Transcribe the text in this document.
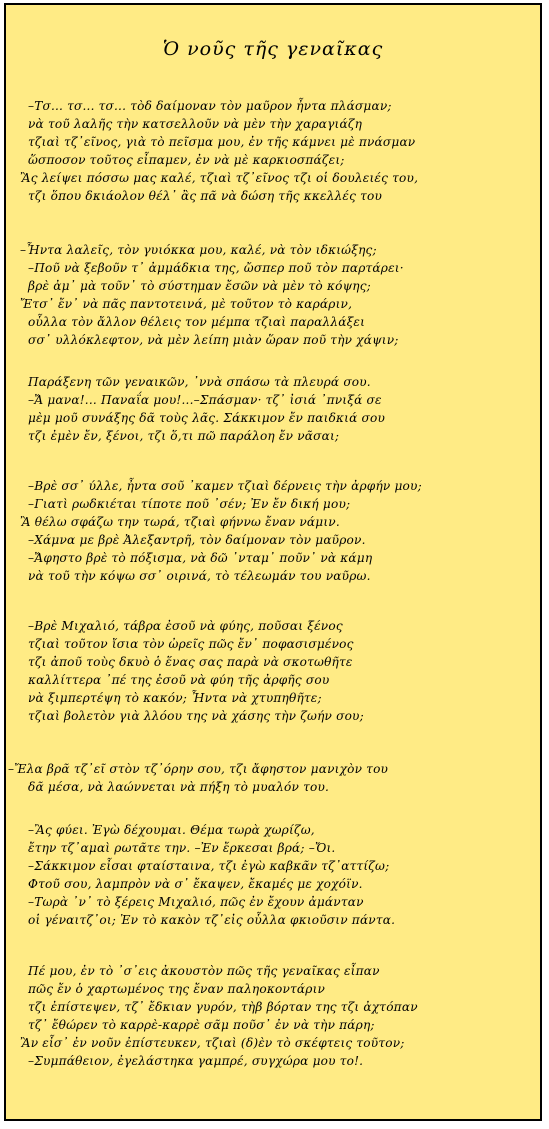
Ὁ νοῦς τῆς γεναῖκας
–Τσ... τσ... τσ... τὸδ δαίμοναν τὸν μαῦρον ἦντα πλάσμαν;
νὰ τοῦ λαλῆς τὴν κατσελλοῦν νὰ μὲν τὴν χαραγιάζη
τζιαὶ τζ᾽εῖνος, γιὰ τὸ πεῖσμα μου, ἐν τῆς κάμνει μὲ πνάσμαν
ὥσποσον τοῦτος εἶπαμεν, ἐν νὰ μὲ καρκιοσπάζει;
Ἂς λείψει πόσσω μας καλέ, τζιαὶ τζ᾽εῖνος τζι οἱ δουλειές του,
τζι ὅπου δκιάολον θέλ᾽ ἂς πᾶ νὰ δώση τῆς κκελλές του
–Ἦντα λαλεῖς, τὸν γυιόκκα μου, καλέ, νὰ τὸν ιδκιώξης;
–Ποῦ νὰ ξεβοῦν τ᾽ ἀμμάδκια της, ὤσπερ ποῦ τὸν παρτάρει·
βρὲ ἀμ᾽ μὰ τοῦν᾽ τὸ σύστημαν ἔσῶν νὰ μὲν τὸ κόψης;
Ἔτσ᾽ ἔν᾽ νὰ πᾶς παντοτεινά, μὲ τοῦτον τὸ καράριν,
οὗλλα τὸν ἄλλον θέλεις τον μέμπα τζιαὶ παραλλάξει
σσ᾽ υλλόκλεφτον, νὰ μὲν λείπη μιὰν ὥραν ποῦ τὴν χάψιν;
Παράξενη τῶν γεναικῶν, ᾽ννὰ σπάσω τὰ πλευρά σου.
–Ἄ μανα!... Παναΐα μου!...–Σπάσμαν· τζ᾽ ἰσιά ᾽πνιξά σε
μὲμ μοῦ συνάξης δᾶ τοὺς λᾶς. Σάκκιμον ἔν παιδκιά σου
τζι ἐμὲν ἔν, ξένοι, τζι ὅ,τι πῶ παράλοη ἔν νᾶσαι;
–Βρὲ σσ᾽ ύλλε, ἦντα σοῦ ᾽καμεν τζιαὶ δέρνεις τὴν ἀρφήν μου;
–Γιατὶ ρωδκιέται τίποτε ποῦ ᾽σέν; Ἐν ἔν δική μου;
Ἂ θέλω σφάζω την τωρά, τζιαὶ φήννω ἔναν νάμιν.
–Χάμνα με βρὲ Ἀλεξαντρῆ, τὸν δαίμοναν τὸν μαῦρον.
–Ἄφηστο βρὲ τὸ πόξισμα, νὰ δῶ ᾽νταμ᾽ ποῦν᾽ νὰ κάμη
νὰ τοῦ τὴν κόψω σσ᾽ οιρινά, τὸ τέλεωμάν του ναῦρω.
–Βρὲ Μιχαλιό, τάβρα ἐσοῦ νὰ φύης, ποῦσαι ξένος
τζιαὶ τοῦτον ἴσια τὸν ὠρεῖς πῶς ἔν᾽ ποφασισμένος
τζι ἀποῦ τοὺς δκυὸ ὁ ἕνας σας παρὰ νὰ σκοτωθῆτε
καλλίττερα ᾽πέ της ἐσοῦ νὰ φύη τῆς ἀρφῆς σου
νὰ ξιμπερτέψη τὸ κακόν; Ἦντα νὰ χτυπηθῆτε;
τζιαὶ βολετὸν γιὰ λλόου της νὰ χάσης τὴν ζωήν σου;
–Ἔλα βρᾶ τζ᾽εῖ στὸν τζ᾽όρην σου, τζι ἄφηστον μανιχὸν του
δᾶ μέσα, νὰ λαώννεται νὰ πήξη τὸ μυαλόν του.
–Ἂς φύει. Ἐγὼ δέχουμαι. Θέμα τωρὰ χωρίζω,
ἔτην τζ᾽αμαὶ ρωτᾶτε την. –Ἐν ἔρκεσαι βρά; –Ὄι.
–Σάκκιμον εἶσαι φταίσταινα, τζι ἐγὼ καβκᾶν τζ᾽αττίζω;
Φτοῦ σου, λαμπρὸν νὰ σ᾽ ἔκαψεν, ἔκαμές με χοχόϊν.
–Τωρὰ ᾽ν᾽ τὸ ξέρεις Μιχαλιό, πῶς ἐν ἔχουν ἀμάνταν
οἱ γέναιτζ᾽οι; Ἐν τὸ κακὸν τζ᾽εἰς οὗλλα φκιοῦσιν πάντα.
Πέ μου, ἐν τὸ ᾽σ᾽εις ἀκουστὸν πῶς τῆς γεναῖκας εἶπαν
πῶς ἔν ὁ χαρτωμένος της ἔναν παληοκοντάριν
τζι ἐπίστεψεν, τζ᾽ ἔδκιαν γυρόν, τὴβ βόρταν της τζι ἀχτόπαν
τζ᾽ ἔθώρεν τὸ καρρὲ-καρρὲ σᾶμ ποῦσ᾽ ἐν νὰ τὴν πάρη;
Ἂν εἶσ᾽ ἐν νοῦν ἐπίστευκεν, τζιαὶ (δ)ὲν τὸ σκέφτεις τοῦτον;
–Συμπάθειον, ἐγελάστηκα γαμπρέ, συγχώρα μου το!.
